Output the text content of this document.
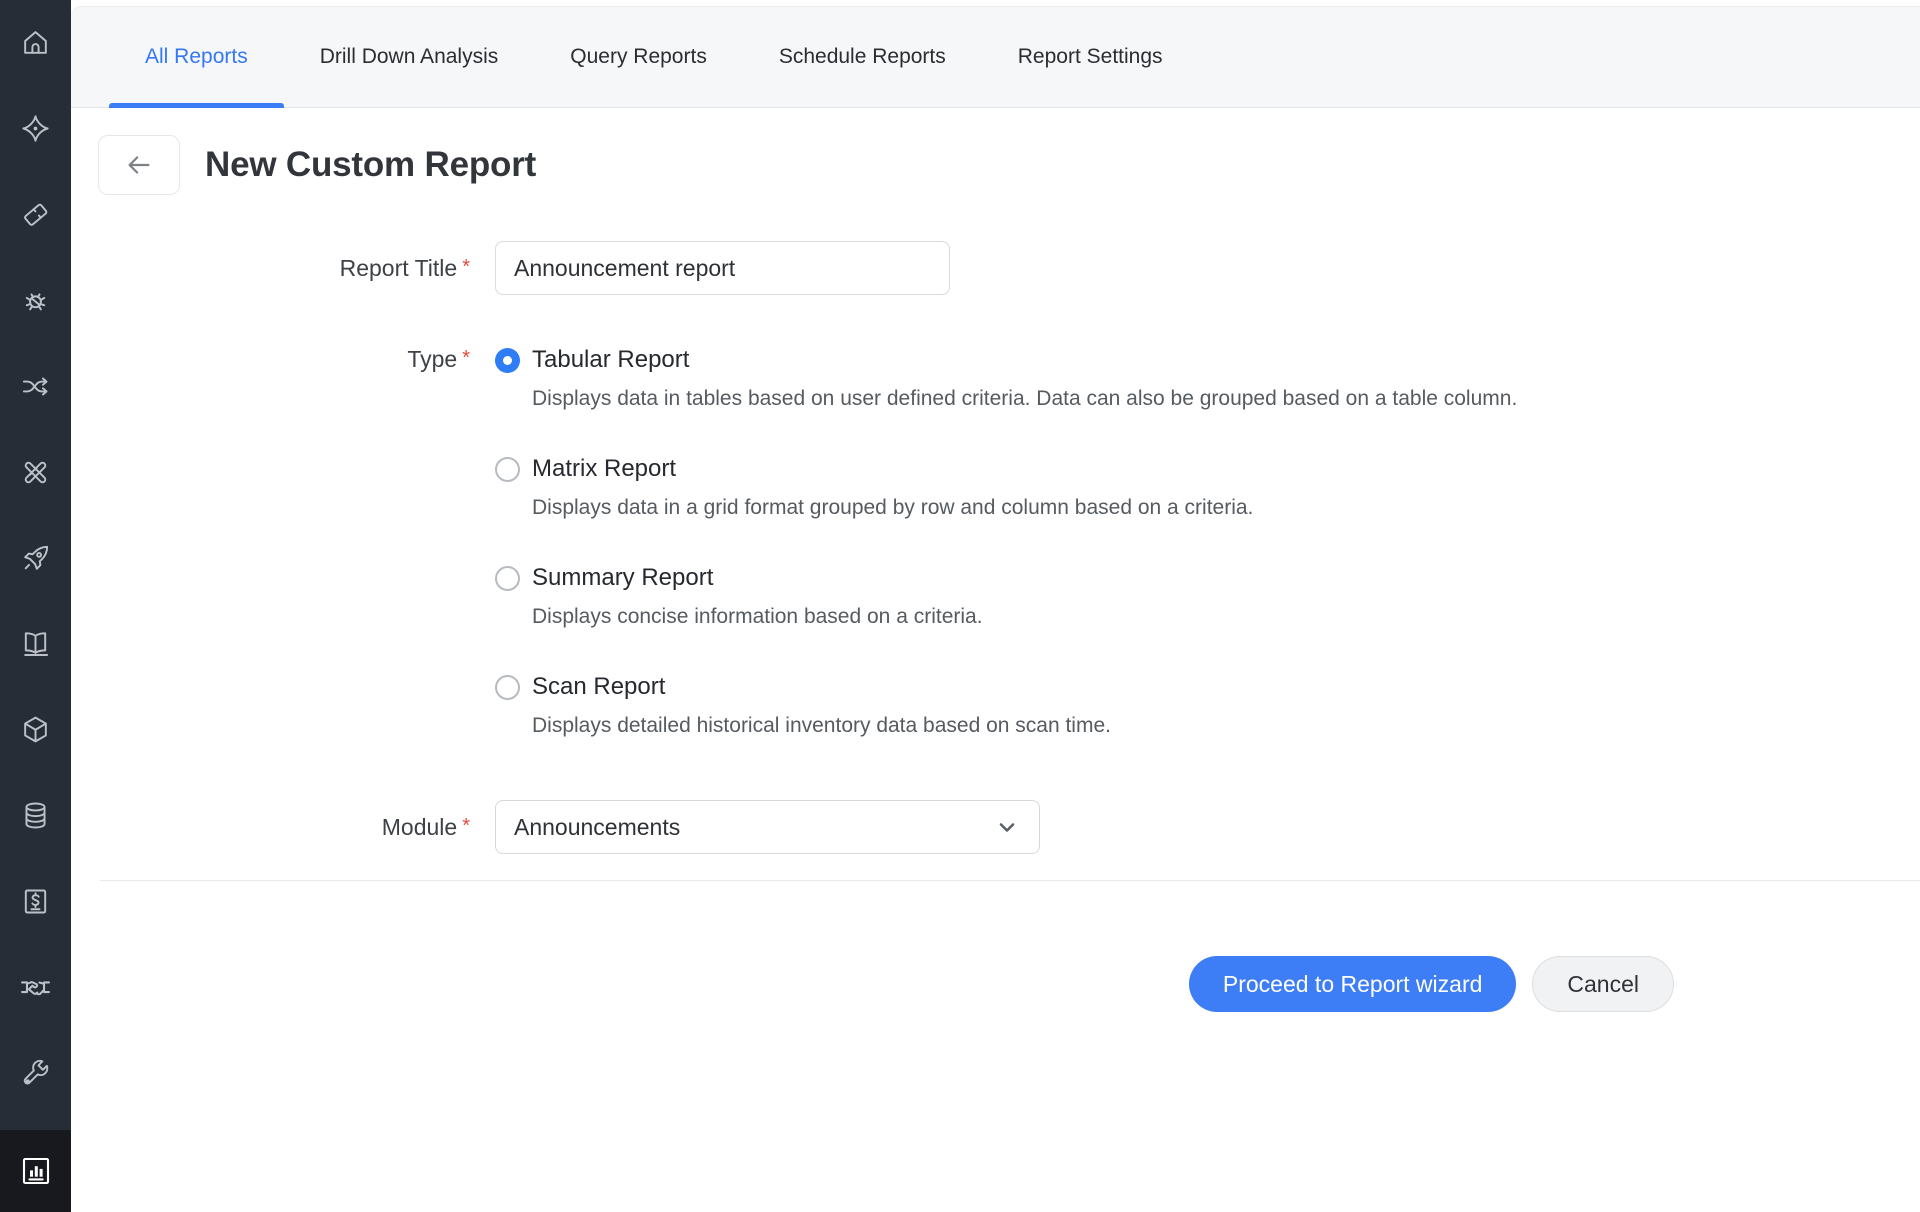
All Reports	Drill Down Analysis	Query Reports	Schedule Reports	Report Settings
New Custom Report
Report Title *
Announcement report
Type *	Tabular Report
Displays data in tables based on user defined criteria. Data can also be grouped based on a table column.
Matrix Report
Displays data in a grid format grouped by row and column based on a criteria.
Summary Report
Displays concise information based on a criteria.
Scan Report
Displays detailed historical inventory data based on scan time.
Module * Announcements
Proceed to Report wizard	Cancel
